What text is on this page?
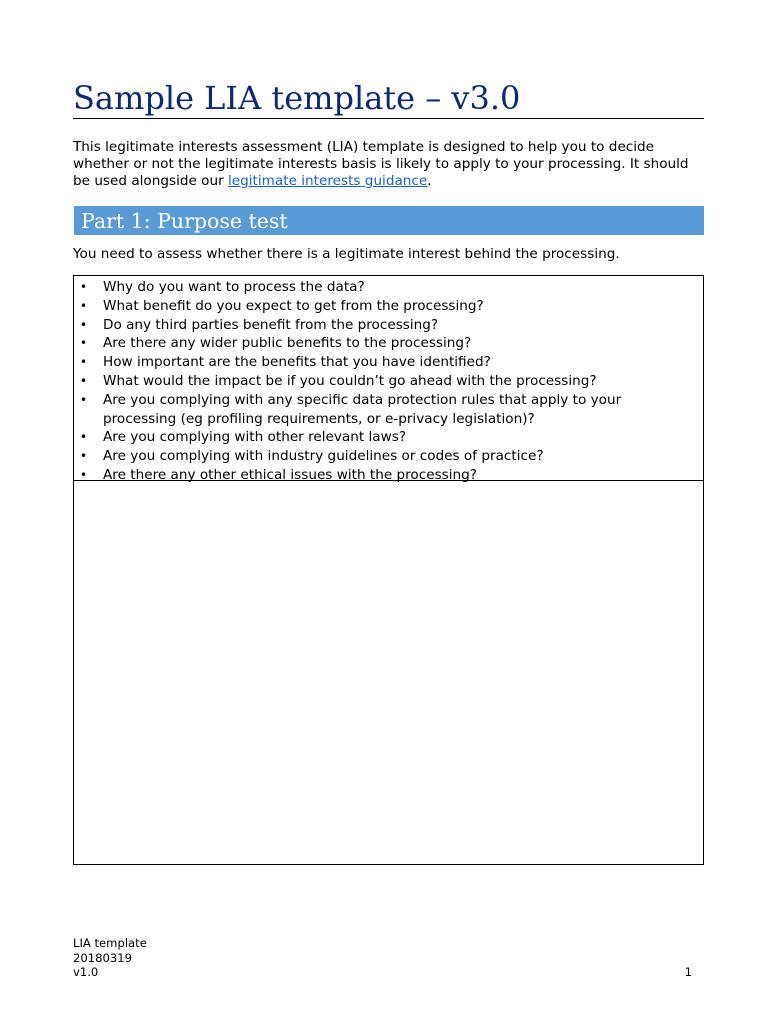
Sample LIA template – v3.0

This legitimate interests assessment (LIA) template is designed to help you to decide whether or not the legitimate interests basis is likely to apply to your processing. It should be used alongside our legitimate interests guidance.

Part 1: Purpose test

You need to assess whether there is a legitimate interest behind the processing.

• Why do you want to process the data?
• What benefit do you expect to get from the processing?
• Do any third parties benefit from the processing?
• Are there any wider public benefits to the processing?
• How important are the benefits that you have identified?
• What would the impact be if you couldn’t go ahead with the processing?
• Are you complying with any specific data protection rules that apply to your processing (eg profiling requirements, or e-privacy legislation)?
• Are you complying with other relevant laws?
• Are you complying with industry guidelines or codes of practice?
• Are there any other ethical issues with the processing?
LIA template
20180319
v1.0	1
